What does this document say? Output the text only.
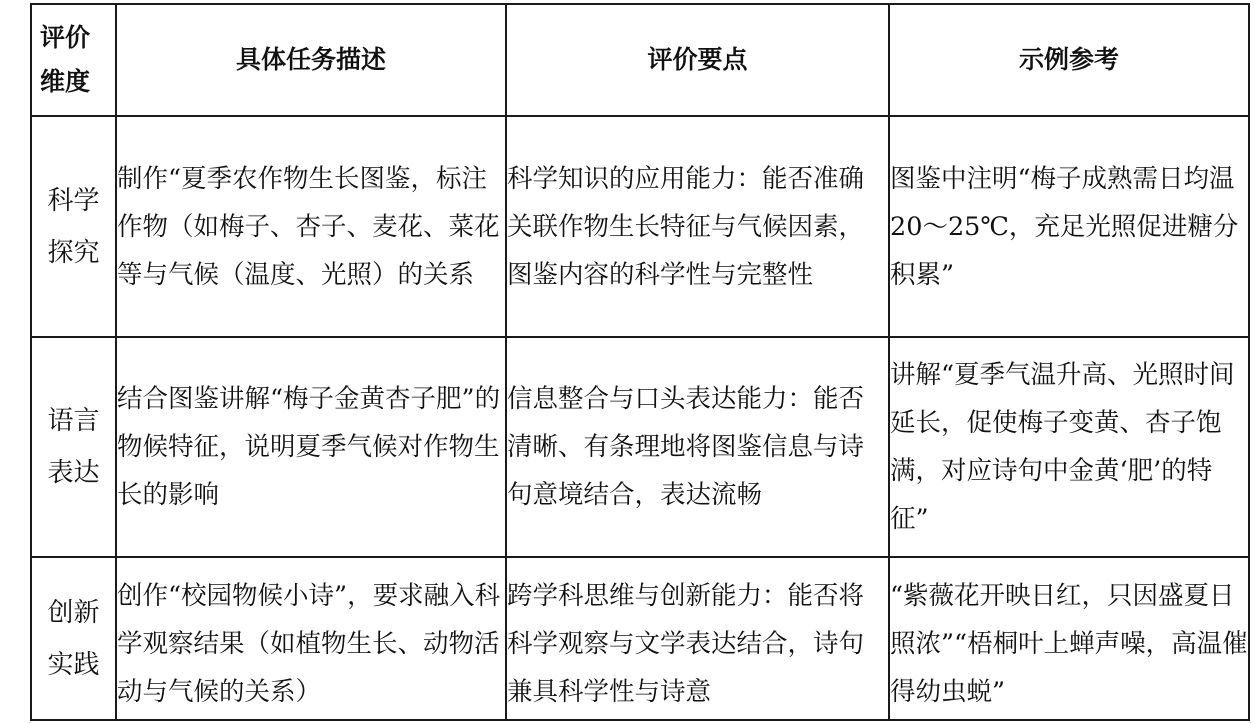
评价
维度	具体任务描述	评价要点	示例参考

科学
探究	制作“夏季农作物生长图鉴，标注作物（如梅子、杏子、麦花、菜花等与气候（温度、光照）的关系	科学知识的应用能力：能否准确关联作物生长特征与气候因素，图鉴内容的科学性与完整性	图鉴中注明“梅子成熟需日均温 20～25℃，充足光照促进糖分积累”

语言
表达	结合图鉴讲解“梅子金黄杏子肥”的物候特征，说明夏季气候对作物生长的影响	信息整合与口头表达能力：能否清晰、有条理地将图鉴信息与诗句意境结合，表达流畅	讲解“夏季气温升高、光照时间延长，促使梅子变黄、杏子饱满，对应诗句中金黄‘肥’的特征”

创新
实践	创作“校园物候小诗”，要求融入科学观察结果（如植物生长、动物活动与气候的关系）	跨学科思维与创新能力：能否将科学观察与文学表达结合，诗句兼具科学性与诗意	“紫薇花开映日红，只因盛夏日照浓”“梧桐叶上蝉声噪，高温催得幼虫蜕”
